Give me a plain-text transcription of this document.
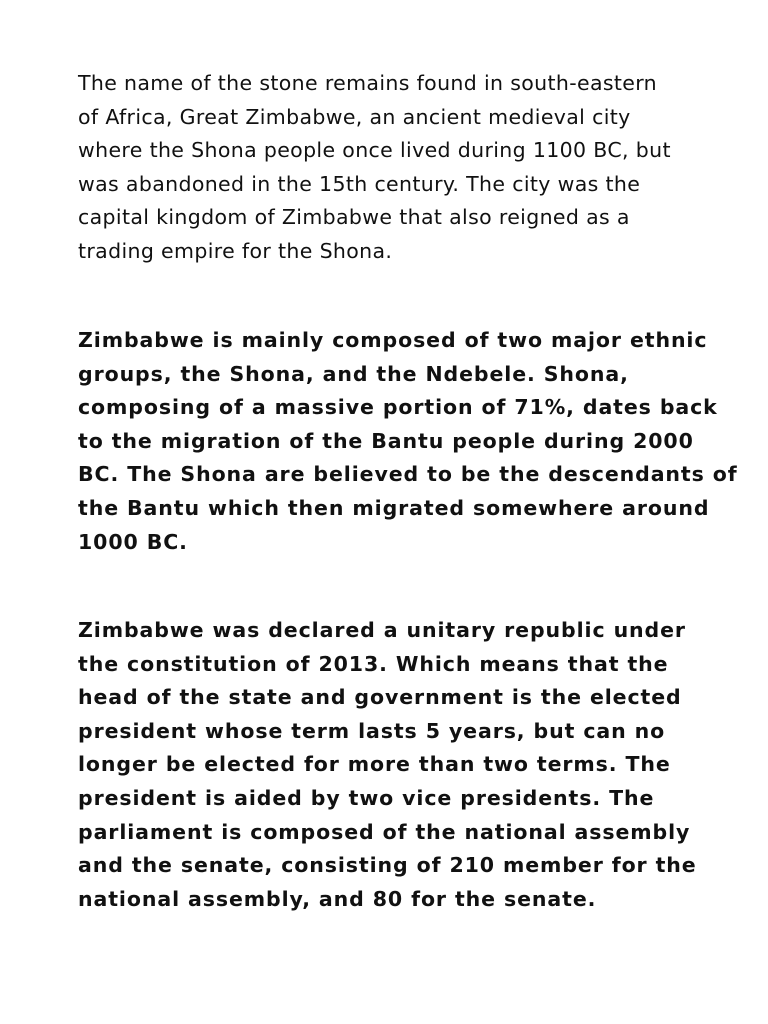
The name of the stone remains found in south-eastern
of Africa, Great Zimbabwe, an ancient medieval city
where the Shona people once lived during 1100 BC, but
was abandoned in the 15th century. The city was the
capital kingdom of Zimbabwe that also reigned as a
trading empire for the Shona.

Zimbabwe is mainly composed of two major ethnic
groups, the Shona, and the Ndebele. Shona,
composing of a massive portion of 71%, dates back
to the migration of the Bantu people during 2000
BC. The Shona are believed to be the descendants of
the Bantu which then migrated somewhere around
1000 BC.

Zimbabwe was declared a unitary republic under
the constitution of 2013. Which means that the
head of the state and government is the elected
president whose term lasts 5 years, but can no
longer be elected for more than two terms. The
president is aided by two vice presidents. The
parliament is composed of the national assembly
and the senate, consisting of 210 member for the
national assembly, and 80 for the senate.
